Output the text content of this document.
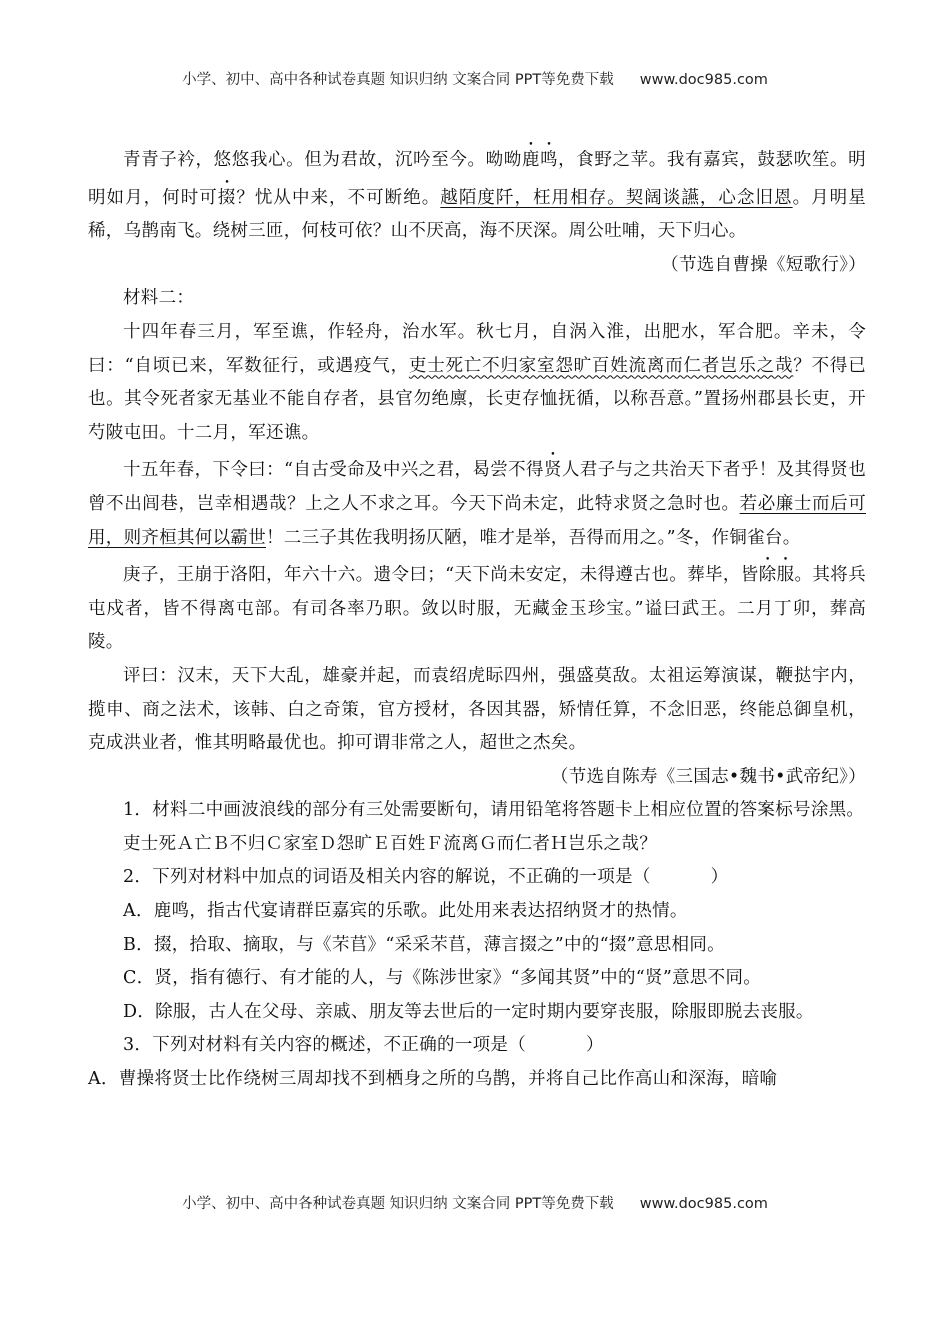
小学、初中、高中各种试卷真题 知识归纳 文案合同 PPT等免费下载 www.doc985.com

青青子衿，悠悠我心。但为君故，沉吟至今。呦呦鹿鸣，食野之苹。我有嘉宾，鼓瑟吹笙。明明如月，何时可掇？忧从中来，不可断绝。越陌度阡，枉用相存。契阔谈讌，心念旧恩。月明星稀，乌鹊南飞。绕树三匝，何枝可依？山不厌高，海不厌深。周公吐哺，天下归心。

（节选自曹操《短歌行》）

材料二：

十四年春三月，军至谯，作轻舟，治水军。秋七月，自涡入淮，出肥水，军合肥。辛未，令曰：“自顷已来，军数征行，或遇疫气，吏士死亡不归家室怨旷百姓流离而仁者岂乐之哉？不得已也。其令死者家无基业不能自存者，县官勿绝廪，长吏存恤抚循，以称吾意。”置扬州郡县长吏，开芍陂屯田。十二月，军还谯。

十五年春，下令曰：“自古受命及中兴之君，曷尝不得贤人君子与之共治天下者乎！及其得贤也曾不出闾巷，岂幸相遇哉？上之人不求之耳。今天下尚未定，此特求贤之急时也。若必廉士而后可用，则齐桓其何以霸世！二三子其佐我明扬仄陋，唯才是举，吾得而用之。”冬，作铜雀台。

庚子，王崩于洛阳，年六十六。遗令曰；“天下尚未安定，未得遵古也。葬毕，皆除服。其将兵屯戍者，皆不得离屯部。有司各率乃职。敛以时服，无藏金玉珍宝。”谥曰武王。二月丁卯，葬高陵。

评曰：汉末，天下大乱，雄豪并起，而袁绍虎眎四州，强盛莫敌。太祖运筹演谋，鞭挞宇内，揽申、商之法术，该韩、白之奇策，官方授材，各因其器，矫情任算，不念旧恶，终能总御皇机，克成洪业者，惟其明略最优也。抑可谓非常之人，超世之杰矣。

（节选自陈寿《三国志•魏书•武帝纪》）

1．材料二中画波浪线的部分有三处需要断句，请用铅笔将答题卡上相应位置的答案标号涂黑。

吏士死Ａ亡Ｂ不归Ｃ家室Ｄ怨旷Ｅ百姓Ｆ流离Ｇ而仁者Ｈ岂乐之哉？

2．下列对材料中加点的词语及相关内容的解说，不正确的一项是（	）

A．鹿鸣，指古代宴请群臣嘉宾的乐歌。此处用来表达招纳贤才的热情。

B．掇，拾取、摘取，与《芣苢》“采采芣苢，薄言掇之”中的“掇”意思相同。

C．贤，指有德行、有才能的人，与《陈涉世家》“多闻其贤”中的“贤”意思不同。

D．除服，古人在父母、亲戚、朋友等去世后的一定时期内要穿丧服，除服即脱去丧服。

3．下列对材料有关内容的概述，不正确的一项是（	）

A．曹操将贤士比作绕树三周却找不到栖身之所的乌鹊，并将自己比作高山和深海，暗喻

小学、初中、高中各种试卷真题 知识归纳 文案合同 PPT等免费下载 www.doc985.com
